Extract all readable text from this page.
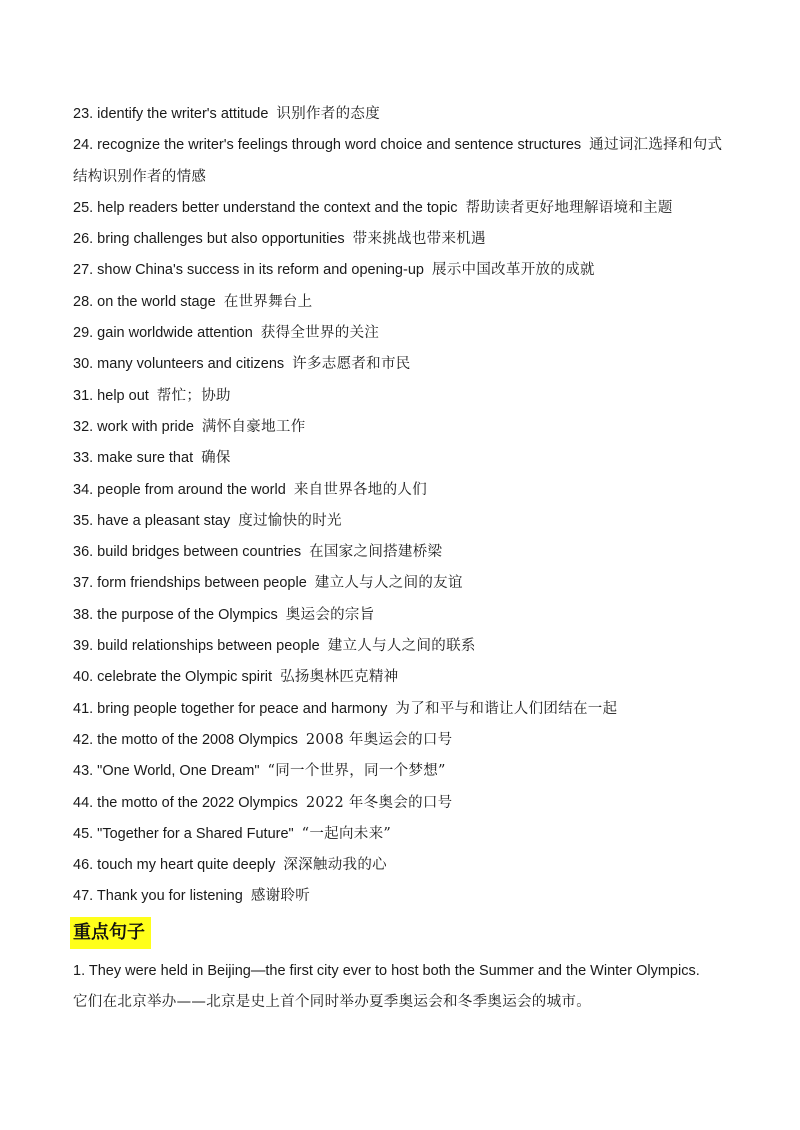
23. identify the writer's attitude 识别作者的态度
24. recognize the writer's feelings through word choice and sentence structures 通过词汇选择和句式结构识别作者的情感
25. help readers better understand the context and the topic 帮助读者更好地理解语境和主题
26. bring challenges but also opportunities 带来挑战也带来机遇
27. show China's success in its reform and opening-up 展示中国改革开放的成就
28. on the world stage 在世界舞台上
29. gain worldwide attention 获得全世界的关注
30. many volunteers and citizens 许多志愿者和市民
31. help out 帮忙；协助
32. work with pride 满怀自豪地工作
33. make sure that 确保
34. people from around the world 来自世界各地的人们
35. have a pleasant stay 度过愉快的时光
36. build bridges between countries 在国家之间搭建桥梁
37. form friendships between people 建立人与人之间的友谊
38. the purpose of the Olympics 奥运会的宗旨
39. build relationships between people 建立人与人之间的联系
40. celebrate the Olympic spirit 弘扬奥林匹克精神
41. bring people together for peace and harmony 为了和平与和谐让人们团结在一起
42. the motto of the 2008 Olympics 2008 年奥运会的口号
43. "One World, One Dream" “同一个世界，同一个梦想”
44. the motto of the 2022 Olympics 2022 年冬奥会的口号
45. "Together for a Shared Future" “一起向未来”
46. touch my heart quite deeply 深深触动我的心
47. Thank you for listening 感谢聆听
重点句子
1. They were held in Beijing—the first city ever to host both the Summer and the Winter Olympics.
它们在北京举办——北京是史上首个同时举办夏季奥运会和冬季奥运会的城市。
